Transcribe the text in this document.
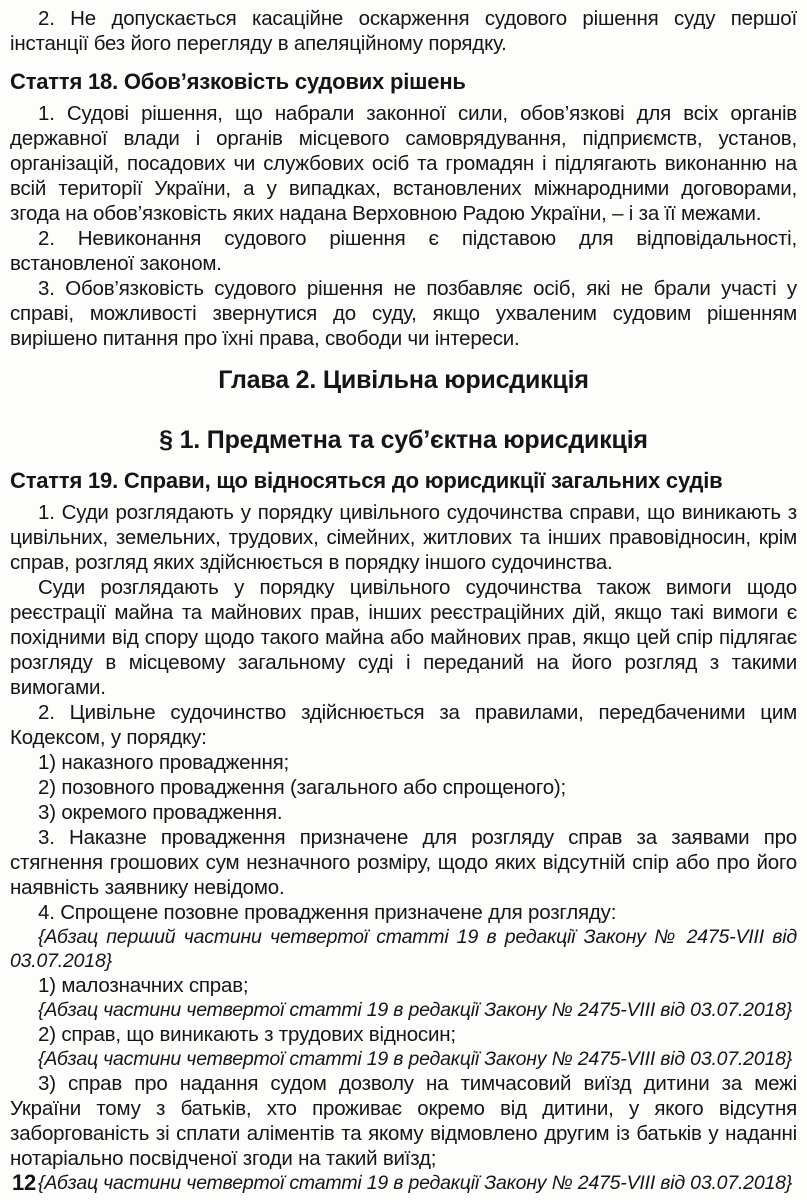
2. Не допускається касаційне оскарження судового рішення суду першої інстанції без його перегляду в апеляційному порядку.

Стаття 18. Обов’язковість судових рішень

1. Судові рішення, що набрали законної сили, обов’язкові для всіх органів державної влади і органів місцевого самоврядування, підприємств, установ, організацій, посадових чи службових осіб та громадян і підлягають виконанню на всій території України, а у випадках, встановлених міжнародними договорами, згода на обов’язковість яких надана Верховною Радою України, – і за її межами.

2. Невиконання судового рішення є підставою для відповідальності, встановленої законом.

3. Обов’язковість судового рішення не позбавляє осіб, які не брали участі у справі, можливості звернутися до суду, якщо ухваленим судовим рішенням вирішено питання про їхні права, свободи чи інтереси.

Глава 2. Цивільна юрисдикція
§ 1. Предметна та суб’єктна юрисдикція
Стаття 19. Справи, що відносяться до юрисдикції загальних судів

1. Суди розглядають у порядку цивільного судочинства справи, що виникають з цивільних, земельних, трудових, сімейних, житлових та інших правовідносин, крім справ, розгляд яких здійснюється в порядку іншого судочинства.

Суди розглядають у порядку цивільного судочинства також вимоги щодо реєстрації майна та майнових прав, інших реєстраційних дій, якщо такі вимоги є похідними від спору щодо такого майна або майнових прав, якщо цей спір підлягає розгляду в місцевому загальному суді і переданий на його розгляд з такими вимогами.

2. Цивільне судочинство здійснюється за правилами, передбаченими цим Кодексом, у порядку:

1) наказного провадження;

2) позовного провадження (загального або спрощеного);

3) окремого провадження.

3. Наказне провадження призначене для розгляду справ за заявами про стягнення грошових сум незначного розміру, щодо яких відсутній спір або про його наявність заявнику невідомо.

4. Спрощене позовне провадження призначене для розгляду:

{Абзац перший частини четвертої статті 19 в редакції Закону № 2475-VIII від 03.07.2018}

1) малозначних справ;

{Абзац частини четвертої статті 19 в редакції Закону № 2475-VIII від 03.07.2018}

2) справ, що виникають з трудових відносин;

{Абзац частини четвертої статті 19 в редакції Закону № 2475-VIII від 03.07.2018}

3) справ про надання судом дозволу на тимчасовий виїзд дитини за межі України тому з батьків, хто проживає окремо від дитини, у якого відсутня заборгованість зі сплати аліментів та якому відмовлено другим із батьків у наданні нотаріально посвідченої згоди на такий виїзд;

{Абзац частини четвертої статті 19 в редакції Закону № 2475-VIII від 03.07.2018}

12
